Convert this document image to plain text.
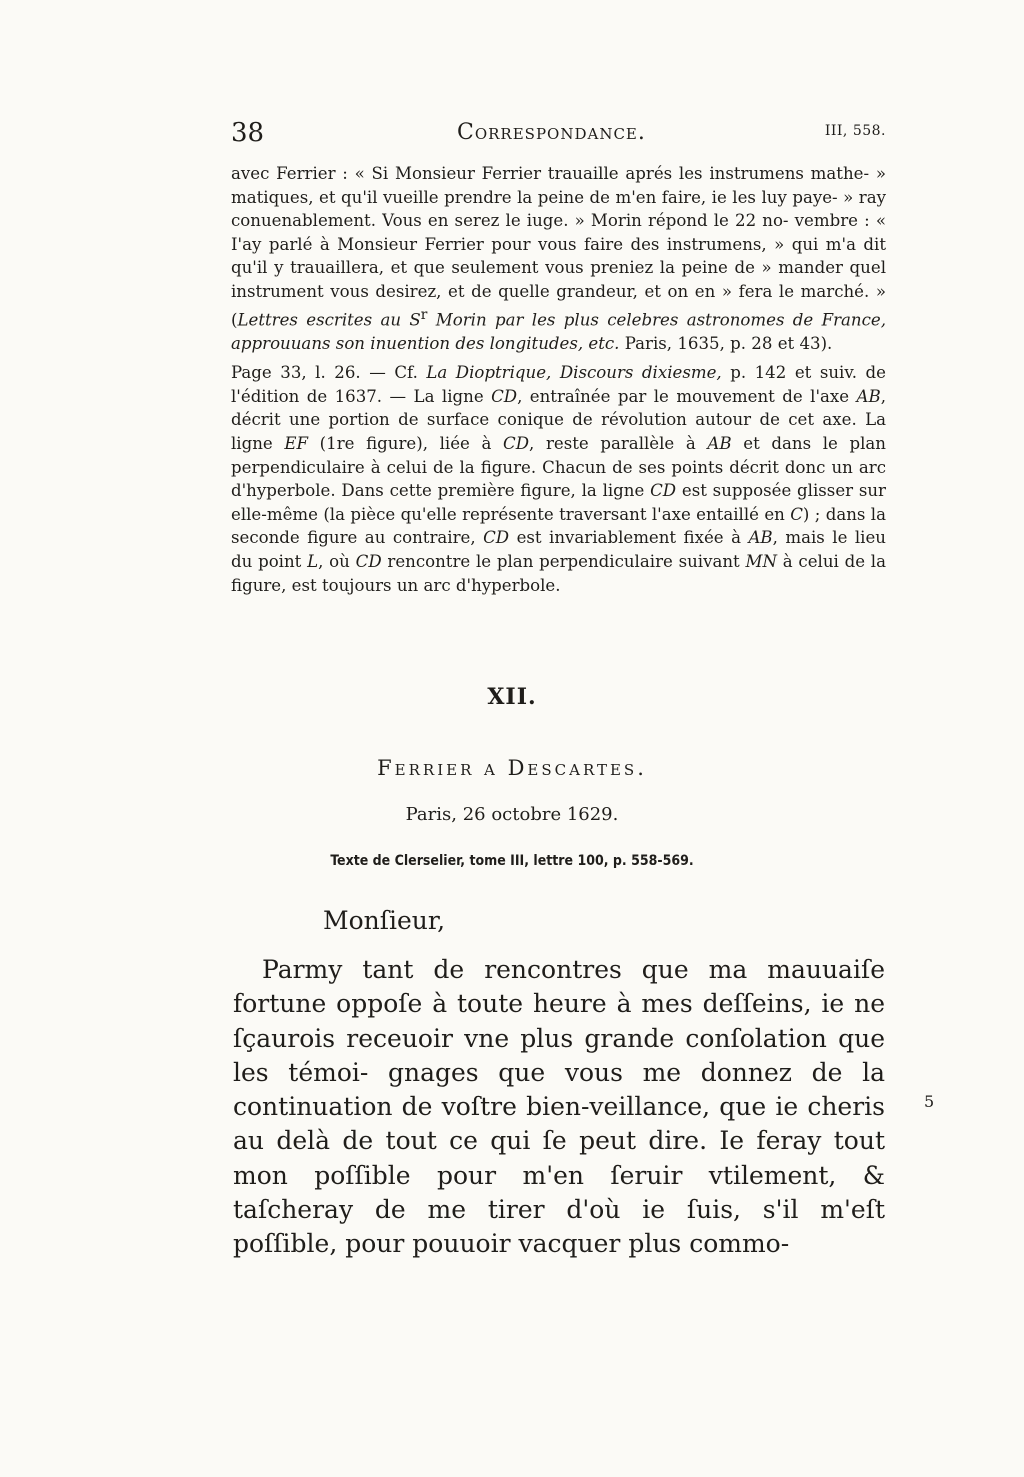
38	Correspondance.	III, 558.

avec Ferrier : « Si Monsieur Ferrier trauaille aprés les instrumens mathe- » matiques, et qu'il vueille prendre la peine de m'en faire, ie les luy paye- » ray conuenablement. Vous en serez le iuge. » Morin répond le 22 no- vembre : « I'ay parlé à Monsieur Ferrier pour vous faire des instrumens, » qui m'a dit qu'il y trauaillera, et que seulement vous preniez la peine de » mander quel instrument vous desirez, et de quelle grandeur, et on en » fera le marché. » (Lettres escrites au $S^r$ Morin par les plus celebres astronomes de France, approuuans son inuention des longitudes, etc. Paris, 1635, p. 28 et 43).

Page 33, l. 26. — Cf. La Dioptrique, Discours dixiesme, p. 142 et suiv. de l'édition de 1637. — La ligne CD, entraînée par le mouvement de l'axe AB, décrit une portion de surface conique de révolution autour de cet axe. La ligne EF (1re figure), liée à CD, reste parallèle à AB et dans le plan perpendiculaire à celui de la figure. Chacun de ses points décrit donc un arc d'hyperbole. Dans cette première figure, la ligne CD est supposée glisser sur elle-même (la pièce qu'elle représente traversant l'axe entaillé en C) ; dans la seconde figure au contraire, CD est invariablement fixée à AB, mais le lieu du point L, où CD rencontre le plan perpendiculaire suivant MN à celui de la figure, est toujours un arc d'hyperbole.

XII.
Ferrier a Descartes.
Paris, 26 octobre 1629.
Texte de Clerselier, tome III, lettre 100, p. 558-569.
Monſieur,

Parmy tant de rencontres que ma mauuaiſe fortune oppoſe à toute heure à mes deſſeins, ie ne ſçaurois receuoir vne plus grande conſolation que les témoi- gnages que vous me donnez de la continuation de voſtre bien-veillance, que ie cheris au delà de tout ce qui ſe peut dire. Ie feray tout mon poſſible pour m'en ſeruir vtilement, & taſcheray de me tirer d'où ie ſuis, s'il m'eſt poſſible, pour pouuoir vacquer plus commo-

5
